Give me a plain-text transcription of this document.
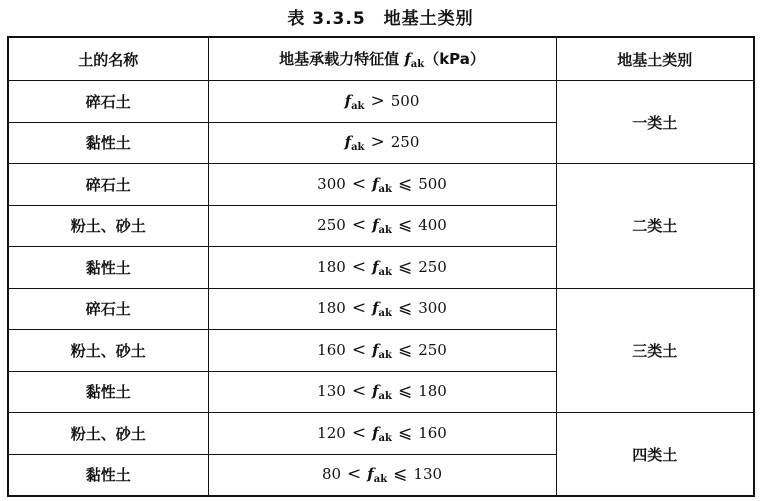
表 3.3.5　地基土类别
土的名称	地基承载力特征值 $f_{ak}(kPa)$	地基土类别
碎石土	$f_{ak} > 500$	一类土
黏性土	$f_{ak} > 250$	
碎石土	$300 < f_{ak}$ ⩽ 500	二类土
粉土、砂土	$250 < f_{ak}$ ⩽ 400	
黏性土	$180 < f_{ak}$ ⩽ 250	
碎石土	$180 < f_{ak}$ ⩽ 300	三类土
粉土、砂土	$160 < f_{ak}$ ⩽ 250	
黏性土	$130 < f_{ak}$ ⩽ 180	
粉土、砂土	$120 < f_{ak}$ ⩽ 160	四类土
黏性土	$80 < f_{ak}$ ⩽ 130	
